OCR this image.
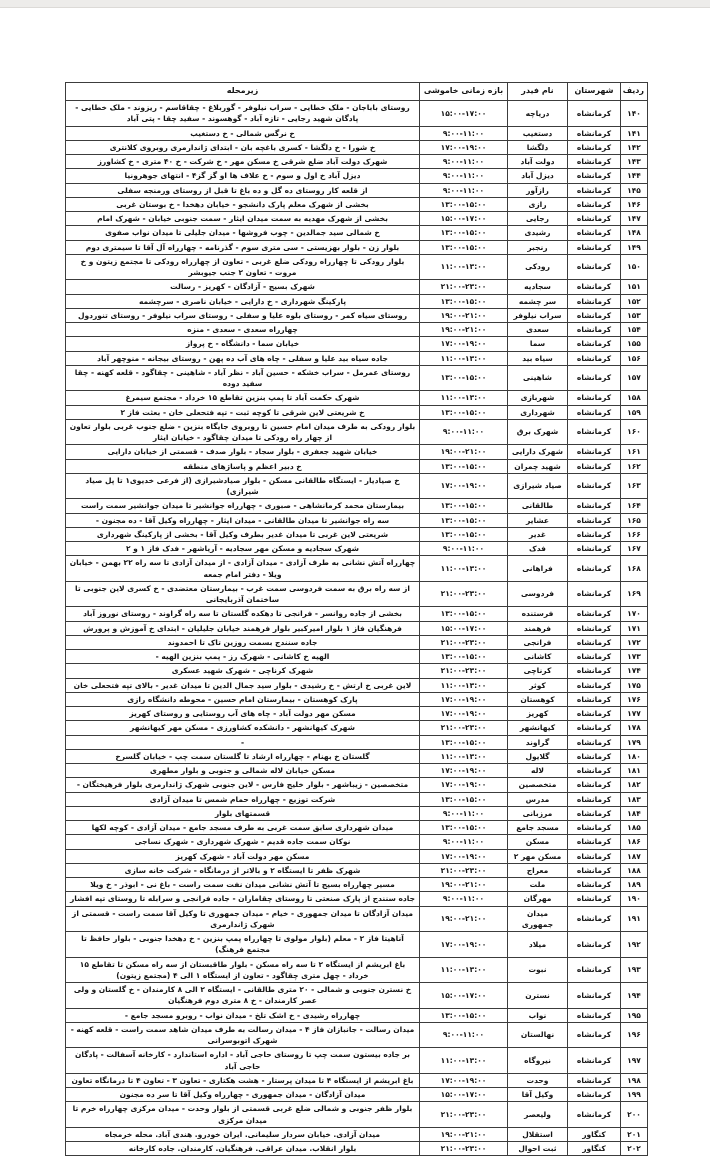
ردیف	شهرستان	نام فیدر	بازه زمانی خاموشی	زیرمحله
۱۴۰	کرمانشاه	دریاچه	۱۵:۰۰-۱۷:۰۰	روستای باباجان - ملک خطایی - سراب نیلوفر - گوربلاغ - چقاقاسم - ریزوند - ملک خطایی - پادگان شهید رجایی - تازه آباد - گوهسوند - سفید چقا - پتی آباد
۱۴۱	کرمانشاه	دستغیب	۹:۰۰-۱۱:۰۰	خ نرگس شمالی - خ دستغیب
۱۴۲	کرمانشاه	دلگشا	۱۷:۰۰-۱۹:۰۰	خ شورا - خ دلگشا - کسری باغچه بان - ابتدای ژاندارمری روبروی کلانتری
۱۴۳	کرمانشاه	دولت آباد	۹:۰۰-۱۱:۰۰	شهرک دولت آباد ضلع شرقی خ مسکن مهر - خ شرکت - خ ۴۰ متری - خ کشاورز
۱۴۴	کرمانشاه	دیزل آباد	۹:۰۰-۱۱:۰۰	دیزل آباد خ اول و سوم - خ علاف ها او گز گز۴ - انتهای جوهرونیا
۱۴۵	کرمانشاه	رازآور	۹:۰۰-۱۱:۰۰	از قلعه کار روستای ده گل و ده باغ تا قبل از روستای ورمنجه سفلی
۱۴۶	کرمانشاه	رازی	۱۳:۰۰-۱۵:۰۰	بخشی از شهرک معلم پارک دانشجو - خیابان دهخدا - خ بوستان غربی
۱۴۷	کرمانشاه	رجایی	۱۵:۰۰-۱۷:۰۰	بخشی از شهرک مهدیه به سمت میدان ایثار - سمت جنوبی خیابان - شهرک امام
۱۴۸	کرمانشاه	رشیدی	۱۳:۰۰-۱۵:۰۰	خ شمالی سید جمالدین - چوب فروشها - میدان جلیلی تا میدان نواب صفوی
۱۴۹	کرمانشاه	رنجبر	۱۳:۰۰-۱۵:۰۰	بلوار زن - بلوار بهزیستی - سی متری سوم - گذرنامه - چهارراه آل آقا تا سیمتری دوم
۱۵۰	کرمانشاه	رودکی	۱۱:۰۰-۱۳:۰۰	بلوار رودکی تا چهارراه رودکی ضلع غربی - تعاون از چهارراه رودکی تا مجتمع زیتون و خ مروت - تعاون ۲ جنب جیوبشر
۱۵۱	کرمانشاه	سجادیه	۲۱:۰۰-۲۳:۰۰	شهرک بسیج - آزادگان - کهریز - رسالت
۱۵۲	کرمانشاه	سر چشمه	۱۳:۰۰-۱۵:۰۰	پارکینگ شهرداری - خ دارایی - خیابان ناصری - سرچشمه
۱۵۳	کرمانشاه	سراب نیلوفر	۱۹:۰۰-۲۱:۰۰	روستای سیاه کمر - روستای بلوه علیا و سفلی - روستای سراب نیلوفر - روستای تنوردول
۱۵۴	کرمانشاه	سعدی	۱۹:۰۰-۲۱:۰۰	چهارراه سعدی - سعدی - منزه
۱۵۵	کرمانشاه	سما	۱۷:۰۰-۱۹:۰۰	خیابان سما - دانشگاه - خ پرواز
۱۵۶	کرمانشاه	سیاه بید	۱۱:۰۰-۱۳:۰۰	جاده سیاه بید علیا و سفلی - چاه های آب ده پهن - روستای بیجانه - منوچهر آباد
۱۵۷	کرمانشاه	شاهینی	۱۳:۰۰-۱۵:۰۰	روستای عمرمل - سراب خشکه - حسین آباد - نظر آباد - شاهینی - چقاگود - قلعه کهنه - چقا سفید دوده
۱۵۸	کرمانشاه	شهربازی	۱۱:۰۰-۱۳:۰۰	شهرک حکمت آباد تا پمپ بنزین تقاطع ۱۵ خرداد - مجتمع سیمرغ
۱۵۹	کرمانشاه	شهرداری	۱۳:۰۰-۱۵:۰۰	خ شریعتی لاین شرقی تا کوچه ثبت - تپه فتحعلی خان - بعثت فاز ۲
۱۶۰	کرمانشاه	شهرک برق	۹:۰۰-۱۱:۰۰	بلوار رودکی به طرف میدان امام حسین تا روبروی جایگاه بنزین - ضلع جنوب غربی بلوار تعاون از چهار راه رودکی تا میدان چقاگود - خیابان ایثار
۱۶۱	کرمانشاه	شهرک دارایی	۱۹:۰۰-۲۱:۰۰	خیابان شهید جعفری - بلوار سجاد - بلوار صدف - قسمتی از خیابان دارایی
۱۶۲	کرمانشاه	شهید چمران	۱۳:۰۰-۱۵:۰۰	خ دبیر اعظم و پاساژهای منطقه
۱۶۳	کرمانشاه	صیاد شیرازی	۱۷:۰۰-۱۹:۰۰	خ صیادیار - ایستگاه طالقانی مسکن - بلوار صیادشیرازی (از فرعی خدیوی۱ تا پل صیاد شیرازی)
۱۶۴	کرمانشاه	طالقانی	۱۳:۰۰-۱۵:۰۰	بیمارستان محمد کرمانشاهی - صبوری - چهارراه جوانشیر تا میدان جوانشیر سمت راست
۱۶۵	کرمانشاه	عشایر	۱۳:۰۰-۱۵:۰۰	سه راه جوانشیر تا میدان طالقانی - میدان ایثار - چهارراه وکیل آقا - ده مجنون -
۱۶۶	کرمانشاه	غدیر	۱۳:۰۰-۱۵:۰۰	شریعتی لاین غربی تا میدان غدیر بطرف وکیل آقا - بخشی از پارکینگ شهرداری
۱۶۷	کرمانشاه	فدک	۹:۰۰-۱۱:۰۰	شهرک سجادیه و مسکن مهر سجادیه - آریاشهر - فدک فاز ۱ و ۲
۱۶۸	کرمانشاه	فراهانی	۱۱:۰۰-۱۳:۰۰	چهارراه آتش نشانی به طرف آزادی - میدان آزادی - از میدان آزادی تا سه راه ۲۲ بهمن - خیابان ویلا - دفتر امام جمعه
۱۶۹	کرمانشاه	فردوسی	۲۱:۰۰-۲۳:۰۰	از سه راه برق به سمت فردوسی سمت غرب - بیمارستان معتضدی - خ کسری لاین جنوبی تا ساختمان آذربایجانی
۱۷۰	کرمانشاه	فرستنده	۱۳:۰۰-۱۵:۰۰	بخشی از جاده روانسر - فرانجی تا دهکده گلستان تا سه راه گراوند - روستای نوروز آباد
۱۷۱	کرمانشاه	فرهمند	۱۵:۰۰-۱۷:۰۰	فرهنگیان فاز ۱ بلوار امیرکبیر بلوار فرهمند خیابان جلیلیان - ابتدای خ آموزش و پرورش
۱۷۲	کرمانشاه	فرانجی	۲۱:۰۰-۲۳:۰۰	جاده سنندج بسمت روزین تاک تا احمدوند
۱۷۳	کرمانشاه	کاشانی	۱۳:۰۰-۱۵:۰۰	الهیه خ کاشانی - شهرک رز - پمپ بنزین الهیه -
۱۷۴	کرمانشاه	کرناچی	۲۱:۰۰-۲۳:۰۰	شهرک کرناچی - شهرک شهید عسکری
۱۷۵	کرمانشاه	کوثر	۱۱:۰۰-۱۳:۰۰	لاین غربی خ ارتش - خ رشیدی - بلوار سید جمال الدین تا میدان غدیر - بالای تپه فتحعلی خان
۱۷۶	کرمانشاه	کوهستان	۱۷:۰۰-۱۹:۰۰	پارک کوهستان - بیمارستان امام حسین - محوطه دانشگاه رازی
۱۷۷	کرمانشاه	کهریز	۱۷:۰۰-۱۹:۰۰	مسکن مهر دولت آباد - چاه های آب روستایی و روستای کهریز
۱۷۸	کرمانشاه	کیهانشهر	۲۱:۰۰-۲۳:۰۰	شهرک کیهانشهر - دانشکده کشاورزی - مسکن مهر کیهانشهر
۱۷۹	کرمانشاه	گراوند	۱۳:۰۰-۱۵:۰۰	-
۱۸۰	کرمانشاه	گلایول	۱۱:۰۰-۱۳:۰۰	گلستان خ بهنام - چهارراه ارشاد تا گلستان سمت چپ - خیابان گلسرخ
۱۸۱	کرمانشاه	لاله	۱۷:۰۰-۱۹:۰۰	مسکن خیابان لاله شمالی و جنوبی و بلوار مطهری
۱۸۲	کرمانشاه	متخصصین	۱۷:۰۰-۱۹:۰۰	متخصصین - زیباشهر - بلوار خلیج فارس - لاین جنوبی شهرک ژاندارمری بلوار فرهیختگان -
۱۸۳	کرمانشاه	مدرس	۱۳:۰۰-۱۵:۰۰	شرکت توزیع - چهارراه حمام شمس تا میدان آزادی
۱۸۴	کرمانشاه	مرزبانی	۹:۰۰-۱۱:۰۰	قسمتهای بلوار
۱۸۵	کرمانشاه	مسجد جامع	۱۳:۰۰-۱۵:۰۰	میدان شهرداری سابق سمت غربی به طرف مسجد جامع - میدان آزادی - کوچه لکها
۱۸۶	کرمانشاه	مسکن	۹:۰۰-۱۱:۰۰	نوکان سمت جاده قدیم - شهرک شهرداری - شهرک نساجی
۱۸۷	کرمانشاه	مسکن مهر ۲	۱۷:۰۰-۱۹:۰۰	مسکن مهر دولت آباد - شهرک کهریز
۱۸۸	کرمانشاه	معراج	۲۱:۰۰-۲۳:۰۰	شهرک ظفر تا ایستگاه ۲ و بالاتر از درمانگاه - شرکت خانه سازی
۱۸۹	کرمانشاه	ملت	۱۹:۰۰-۲۱:۰۰	مسیر چهارراه بسیج تا آتش نشانی میدان نفت سمت راست - باغ نی - ابوذر - خ ویلا
۱۹۰	کرمانشاه	مهرگان	۹:۰۰-۱۱:۰۰	جاده سنندج از پارک صنعتی تا روستای چقاماران - جاده فرانجی و سرابله تا روستای تپه افشار
۱۹۱	کرمانشاه	میدان جمهوری	۱۹:۰۰-۲۱:۰۰	میدان آزادگان تا میدان جمهوری - خیام - میدان جمهوری تا وکیل آقا سمت راست - قسمتی از شهرک ژاندارمری
۱۹۲	کرمانشاه	میلاد	۱۷:۰۰-۱۹:۰۰	آناهیتا فاز ۲ - معلم (بلوار مولوی تا چهارراه پمپ بنزین - خ دهخدا جنوبی - بلوار حافظ تا مجتمع فرهنگ)
۱۹۳	کرمانشاه	نبوت	۱۱:۰۰-۱۳:۰۰	باغ ابریشم از ایستگاه ۲ تا سه راه مسکن - بلوار طاقبستان از سه راه مسکن تا تقاطع ۱۵ خرداد - چهل متری چقاگود - تعاون از ایستگاه ۱ الی ۴ (مجتمع زیتون)
۱۹۴	کرمانشاه	نسترن	۱۵:۰۰-۱۷:۰۰	خ نسترن جنوبی و شمالی - ۲۰ متری طالقانی - ایستگاه ۲ الی ۸ کارمندان - خ گلستان و ولی عصر کارمندان - خ ۸ متری دوم فرهنگیان
۱۹۵	کرمانشاه	نواب	۱۳:۰۰-۱۵:۰۰	چهارراه رشیدی - خ اشک تلخ - میدان نواب - روبرو مسجد جامع -
۱۹۶	کرمانشاه	نهالستان	۹:۰۰-۱۱:۰۰	میدان رسالت - جانبازان فاز ۴ - میدان رسالت به طرف میدان شاهد سمت راست - قلعه کهنه - شهرک اتوبوسرانی
۱۹۷	کرمانشاه	نیروگاه	۱۱:۰۰-۱۳:۰۰	بر جاده بیستون سمت چپ تا روستای حاجی آباد - اداره استاندارد - کارخانه آسفالت - پادگان حاجی آباد
۱۹۸	کرمانشاه	وحدت	۱۷:۰۰-۱۹:۰۰	باغ ابریشم از ایستگاه ۴ تا میدان پرستار - هشت هکتاری - تعاون ۳ - تعاون ۴ تا درمانگاه تعاون
۱۹۹	کرمانشاه	وکیل آقا	۱۵:۰۰-۱۷:۰۰	میدان آزادگان - میدان جمهوری - چهارراه وکیل آقا تا سر ده مجنون
۲۰۰	کرمانشاه	ولیعصر	۲۱:۰۰-۲۳:۰۰	بلوار ظفر جنوبی و شمالی ضلع غربی قسمتی از بلوار وحدت - میدان مرکزی چهارراه خرم تا میدان مرکزی
۲۰۱	کنگاور	استقلال	۱۹:۰۰-۲۱:۰۰	میدان آزادی. خیابان سردار سلیمانی. ایران خودرو. هندی آباد. محله خرمجاه
۲۰۲	کنگاور	ثبت احوال	۲۱:۰۰-۲۳:۰۰	بلوار انقلاب. میدان عراقی. فرهنگیان. کارمندان. جاده کارخانه
